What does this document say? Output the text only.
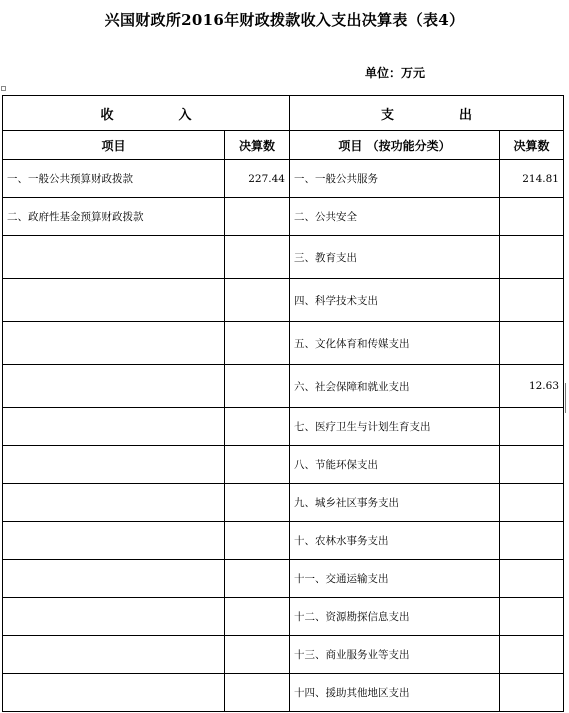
兴国财政所2016年财政拨款收入支出决算表（表4）
单位：万元
收　　　　　入		支　　　　　出	
项目	决算数	项目 （按功能分类）	决算数
一、一般公共预算财政拨款	227.44	一、一般公共服务	214.81
二、政府性基金预算财政拨款		二、公共安全	
		三、教育支出	
		四、科学技术支出	
		五、文化体育和传媒支出	
		六、社会保障和就业支出	12.63
		七、医疗卫生与计划生育支出	
		八、节能环保支出	
		九、城乡社区事务支出	
		十、农林水事务支出	
		十一、交通运输支出	
		十二、资源勘探信息支出	
		十三、商业服务业等支出	
		十四、援助其他地区支出	
